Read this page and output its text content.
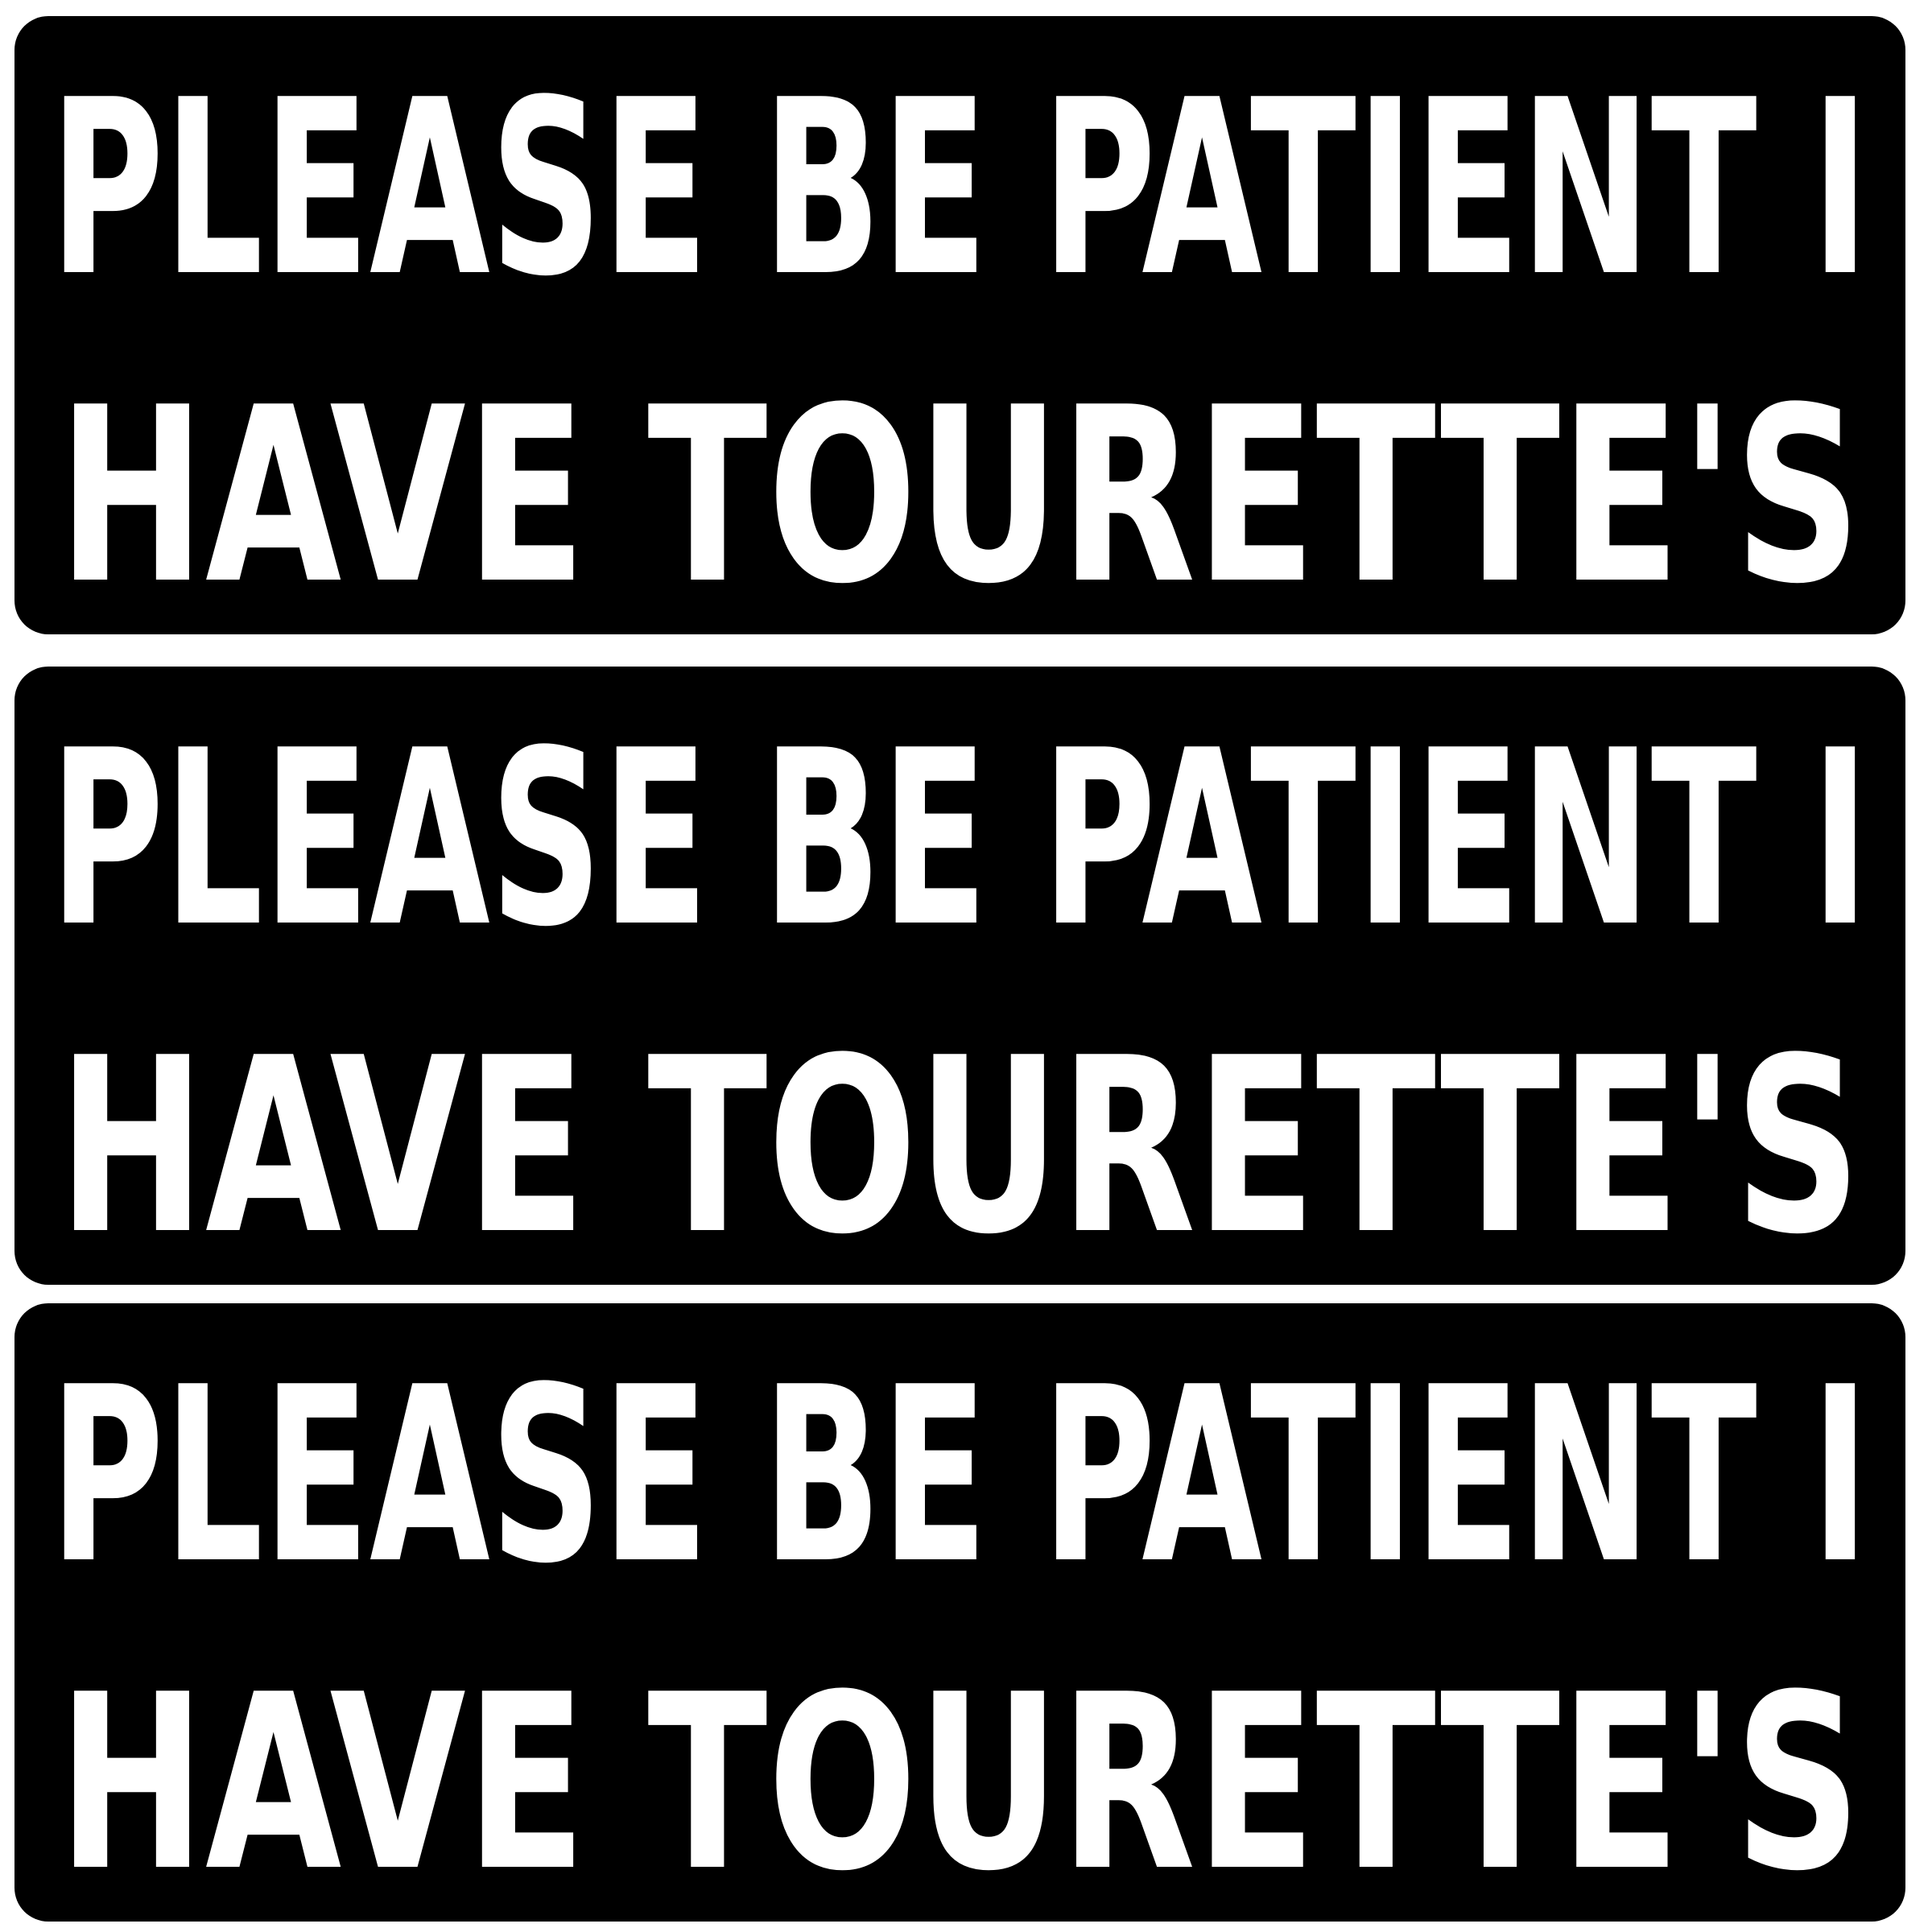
PLEASE BE PATIENT I
HAVE TOURETTE'S
PLEASE BE PATIENT I
HAVE TOURETTE'S
PLEASE BE PATIENT I
HAVE TOURETTE'S
